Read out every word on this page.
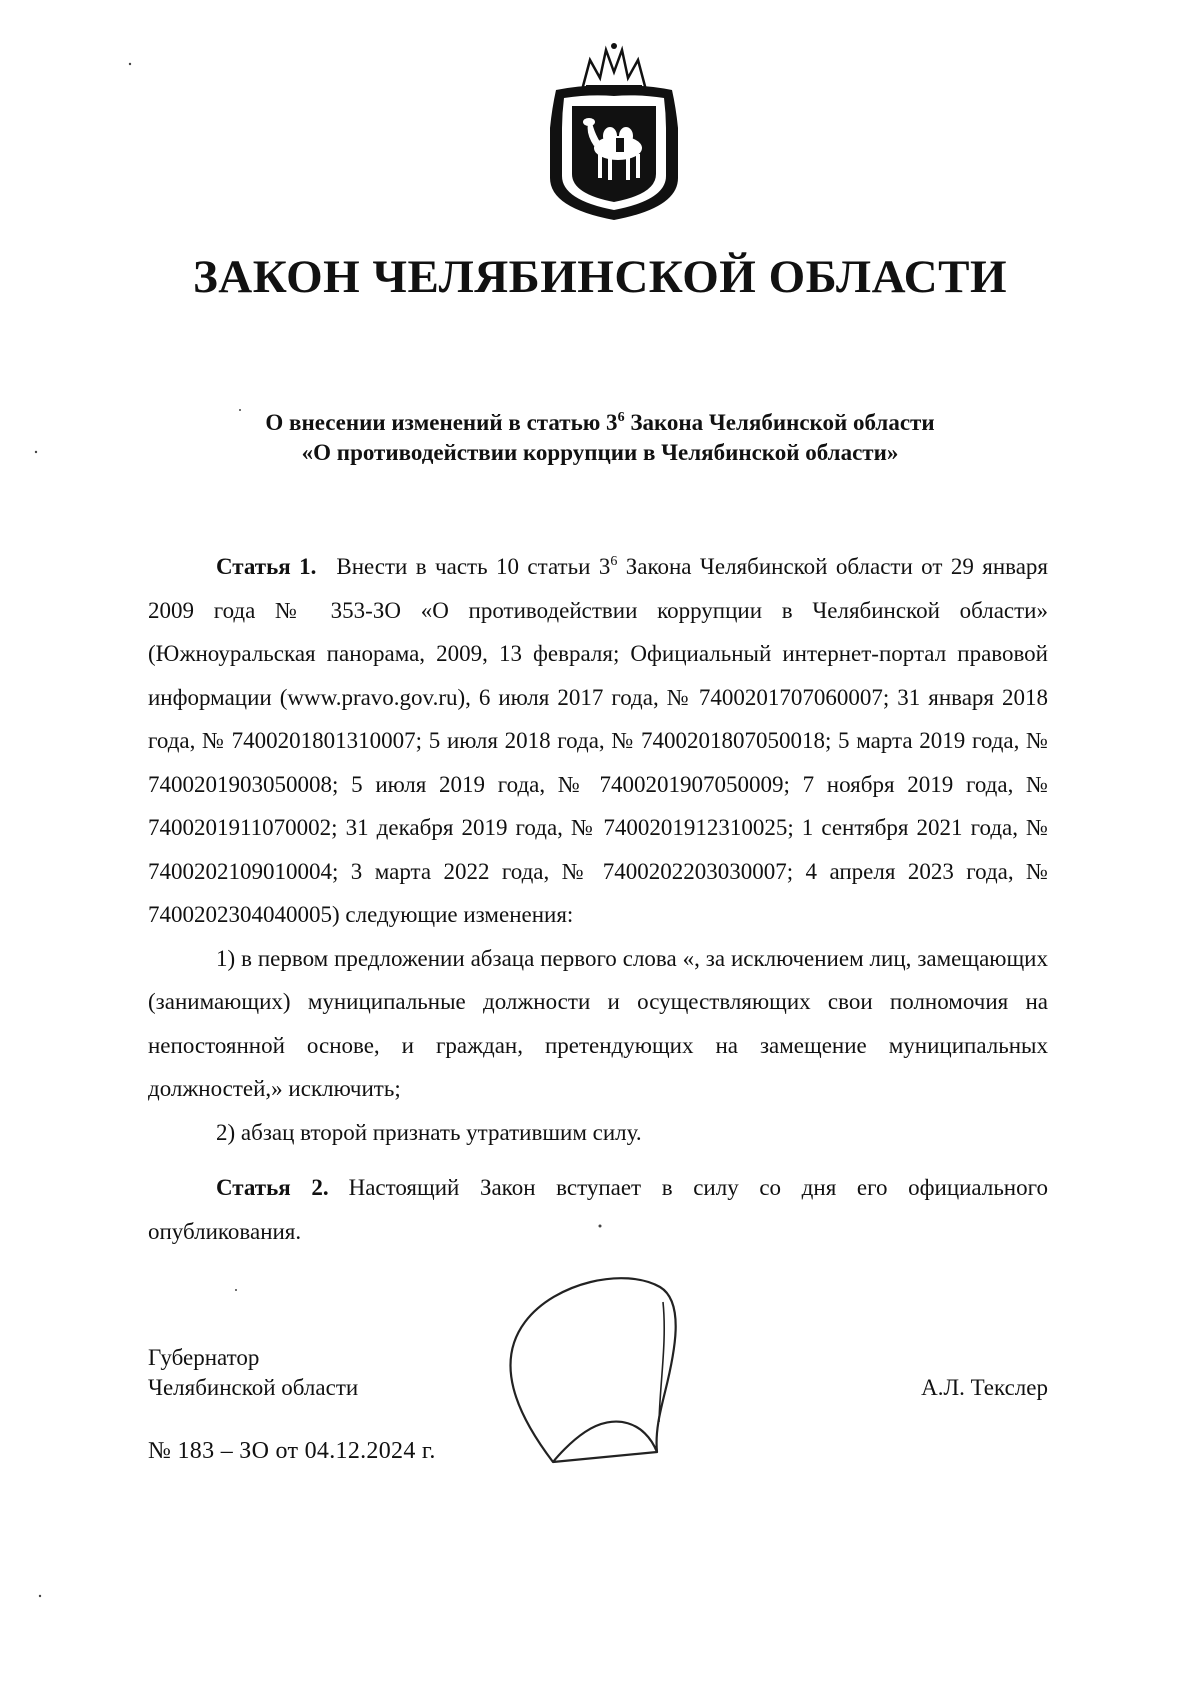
ЗАКОН ЧЕЛЯБИНСКОЙ ОБЛАСТИ
О внесении изменений в статью $3^6$ Закона Челябинской области
«О противодействии коррупции в Челябинской области»

Статья 1. Внести в часть 10 статьи $3^6$ Закона Челябинской области от 29 января 2009 года № 353-ЗО «О противодействии коррупции в Челябинской области» (Южноуральская панорама, 2009, 13 февраля; Официальный интернет-портал правовой информации (www.pravo.gov.ru), 6 июля 2017 года, № 7400201707060007; 31 января 2018 года, № 7400201801310007; 5 июля 2018 года, № 7400201807050018; 5 марта 2019 года, № 7400201903050008; 5 июля 2019 года, № 7400201907050009; 7 ноября 2019 года, № 7400201911070002; 31 декабря 2019 года, № 7400201912310025; 1 сентября 2021 года, № 7400202109010004; 3 марта 2022 года, № 7400202203030007; 4 апреля 2023 года, № 7400202304040005) следующие изменения:

1) в первом предложении абзаца первого слова «, за исключением лиц, замещающих (занимающих) муниципальные должности и осуществляющих свои полномочия на непостоянной основе, и граждан, претендующих на замещение муниципальных должностей,» исключить;

2) абзац второй признать утратившим силу.

Статья 2. Настоящий Закон вступает в силу со дня его официального опубликования.

Губернатор
Челябинской области	А.Л. Текслер
№ 183 – ЗО от 04.12.2024 г.
